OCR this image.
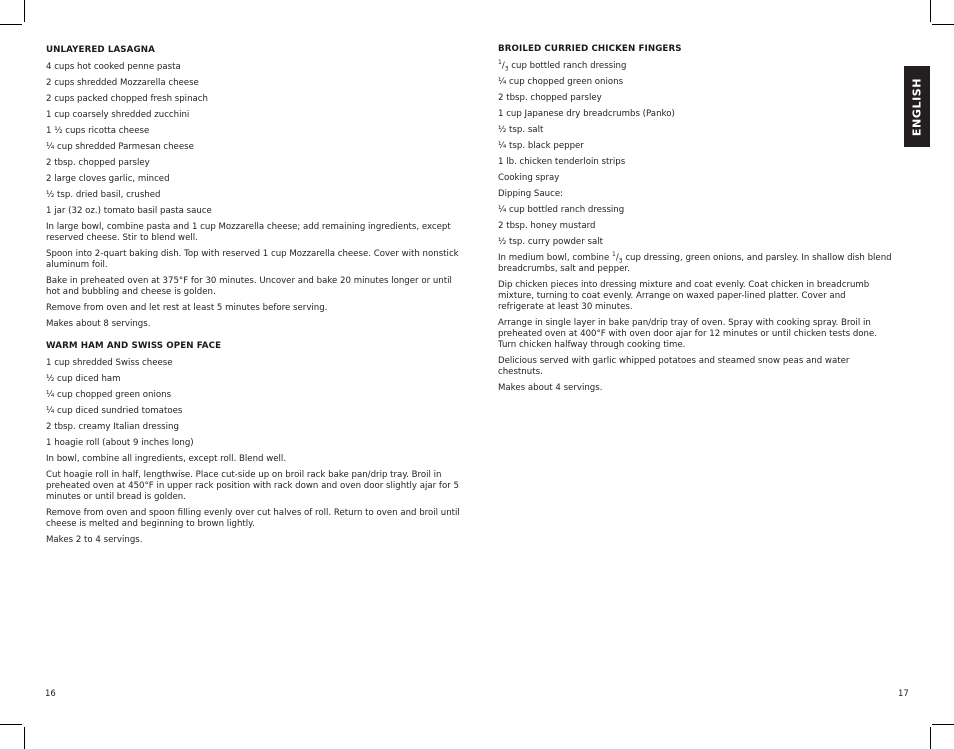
UNLAYERED LASAGNA
4 cups hot cooked penne pasta
2 cups shredded Mozzarella cheese
2 cups packed chopped fresh spinach
1 cup coarsely shredded zucchini
1 ½ cups ricotta cheese
¼ cup shredded Parmesan cheese
2 tbsp. chopped parsley
2 large cloves garlic, minced
½ tsp. dried basil, crushed
1 jar (32 oz.) tomato basil pasta sauce
In large bowl, combine pasta and 1 cup Mozzarella cheese; add remaining ingredients, except reserved cheese. Stir to blend well.
Spoon into 2-quart baking dish. Top with reserved 1 cup Mozzarella cheese. Cover with nonstick aluminum foil.
Bake in preheated oven at 375°F for 30 minutes. Uncover and bake 20 minutes longer or until hot and bubbling and cheese is golden.
Remove from oven and let rest at least 5 minutes before serving.
Makes about 8 servings.
WARM HAM AND SWISS OPEN FACE
1 cup shredded Swiss cheese
½ cup diced ham
¼ cup chopped green onions
¼ cup diced sundried tomatoes
2 tbsp. creamy Italian dressing
1 hoagie roll (about 9 inches long)
In bowl, combine all ingredients, except roll. Blend well.
Cut hoagie roll in half, lengthwise. Place cut-side up on broil rack bake pan/drip tray. Broil in preheated oven at 450°F in upper rack position with rack down and oven door slightly ajar for 5 minutes or until bread is golden.
Remove from oven and spoon filling evenly over cut halves of roll. Return to oven and broil until cheese is melted and beginning to brown lightly.
Makes 2 to 4 servings.
BROILED CURRIED CHICKEN FINGERS
$^1/_3$ cup bottled ranch dressing
¼ cup chopped green onions
2 tbsp. chopped parsley
1 cup Japanese dry breadcrumbs (Panko)
½ tsp. salt
¼ tsp. black pepper
1 lb. chicken tenderloin strips
Cooking spray
Dipping Sauce:
¼ cup bottled ranch dressing
2 tbsp. honey mustard
½ tsp. curry powder salt
In medium bowl, combine $^1/_3$ cup dressing, green onions, and parsley. In shallow dish blend breadcrumbs, salt and pepper.
Dip chicken pieces into dressing mixture and coat evenly. Coat chicken in breadcrumb mixture, turning to coat evenly. Arrange on waxed paper-lined platter. Cover and refrigerate at least 30 minutes.
Arrange in single layer in bake pan/drip tray of oven. Spray with cooking spray. Broil in preheated oven at 400°F with oven door ajar for 12 minutes or until chicken tests done. Turn chicken halfway through cooking time.
Delicious served with garlic whipped potatoes and steamed snow peas and water chestnuts.
Makes about 4 servings.
ENGLISH
16	17
